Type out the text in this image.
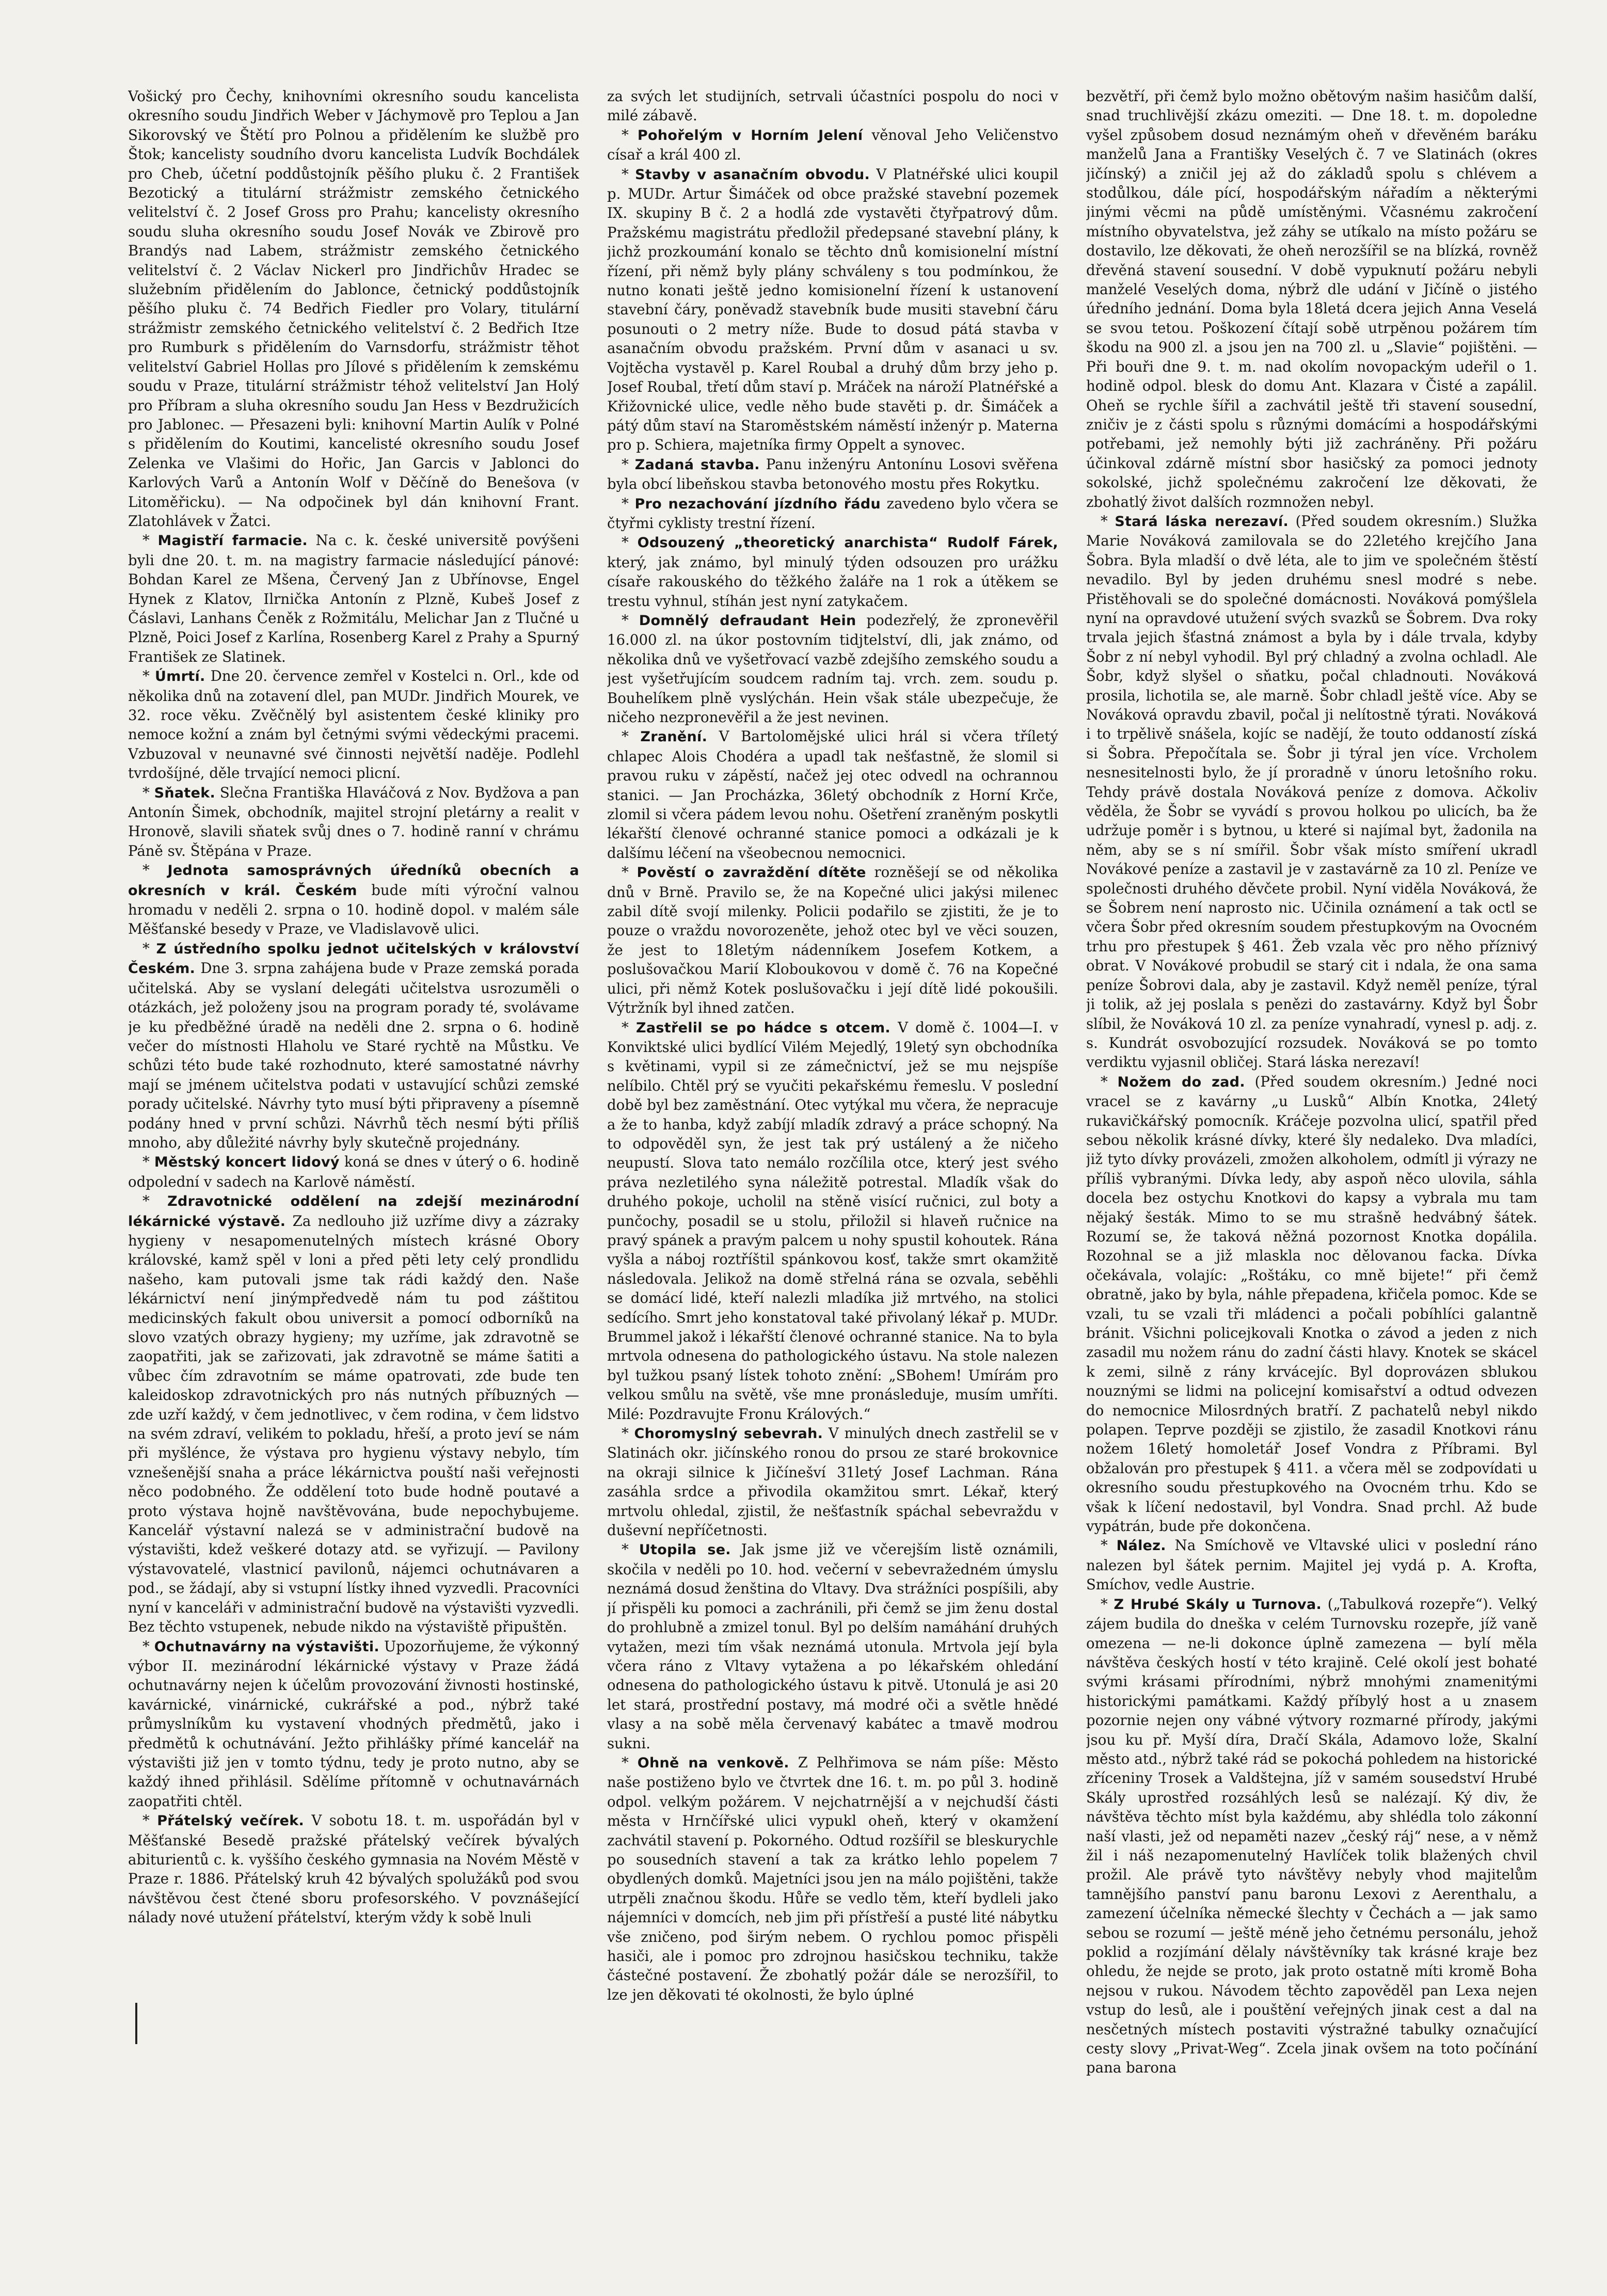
Vošický pro Čechy, knihovními okresního soudu kancelista okresního soudu Jindřich Weber v Jáchymově pro Teplou a Jan Sikorovský ve Štětí pro Polnou a přidělením ke službě pro Štok; kancelisty soudního dvoru kancelista Ludvík Bochdálek pro Cheb, účetní poddůstojník pěšího pluku č. 2 František Bezotický a titulární strážmistr zemského četnického velitelství č. 2 Josef Gross pro Prahu; kancelisty okresního soudu sluha okresního soudu Josef Novák ve Zbirově pro Brandýs nad Labem, strážmistr zemského četnického velitelství č. 2 Václav Nickerl pro Jindřichův Hradec se služebním přidělením do Jablonce, četnický poddůstojník pěšího pluku č. 74 Bedřich Fiedler pro Volary, titulární strážmistr zemského četnického velitelství č. 2 Bedřich Itze pro Rumburk s přidělením do Varnsdorfu, strážmistr těhot velitelství Gabriel Hollas pro Jílové s přidělením k zemskému soudu v Praze, titulární strážmistr téhož velitelství Jan Holý pro Příbram a sluha okresního soudu Jan Hess v Bezdružicích pro Jablonec. — Přesazeni byli: knihovní Martin Aulík v Polné s přidělením do Koutimi, kancelisté okresního soudu Josef Zelenka ve Vlašimi do Hořic, Jan Garcis v Jablonci do Karlových Varů a Antonín Wolf v Děčíně do Benešova (v Litoměřicku). — Na odpočinek byl dán knihovní Frant. Zlatohlávek v Žatci.

* Magistří farmacie. Na c. k. české universitě povýšeni byli dne 20. t. m. na magistry farmacie následující pánové: Bohdan Karel ze Mšena, Červený Jan z Ubřínovse, Engel Hynek z Klatov, Ilrnička Antonín z Plzně, Kubeš Josef z Čáslavi, Lanhans Čeněk z Rožmitálu, Melichar Jan z Tlučné u Plzně, Poici Josef z Karlína, Rosenberg Karel z Prahy a Spurný František ze Slatinek.

* Úmrtí. Dne 20. července zemřel v Kostelci n. Orl., kde od několika dnů na zotavení dlel, pan MUDr. Jindřich Mourek, ve 32. roce věku. Zvěčnělý byl asistentem české kliniky pro nemoce kožní a znám byl četnými svými vědeckými pracemi. Vzbuzoval v neunavné své činnosti největší naděje. Podlehl tvrdošíjné, děle trvající nemoci plicní.

* Sňatek. Slečna Františka Hlaváčová z Nov. Bydžova a pan Antonín Šimek, obchodník, majitel strojní pletárny a realit v Hronově, slavili sňatek svůj dnes o 7. hodině ranní v chrámu Páně sv. Štěpána v Praze.

* Jednota samosprávných úředníků obecních a okresních v král. Českém bude míti výroční valnou hromadu v neděli 2. srpna o 10. hodině dopol. v malém sále Měšťanské besedy v Praze, ve Vladislavově ulici.

* Z ústředního spolku jednot učitelských v království Českém. Dne 3. srpna zahájena bude v Praze zemská porada učitelská. Aby se vyslaní delegáti učitelstva usrozuměli o otázkách, jež položeny jsou na program porady té, svolávame je ku předběžné úradě na neděli dne 2. srpna o 6. hodině večer do místnosti Hlaholu ve Staré rychtě na Můstku. Ve schůzi této bude také rozhodnuto, které samostatné návrhy mají se jménem učitelstva podati v ustavující schůzi zemské porady učitelské. Návrhy tyto musí býti připraveny a písemně podány hned v první schůzi. Návrhů těch nesmí býti příliš mnoho, aby důležité návrhy byly skutečně projednány.

* Městský koncert lidový koná se dnes v úterý o 6. hodině odpolední v sadech na Karlově náměstí.

* Zdravotnické oddělení na zdejší mezinárodní lékárnické výstavě. Za nedlouho již uzříme divy a zázraky hygieny v nesapomenutelných místech krásné Obory královské, kamž spěl v loni a před pěti lety celý prondlidu našeho, kam putovali jsme tak rádi každý den. Naše lékárnictví není jinýmpředvedě nám tu pod záštitou medicinských fakult obou universit a pomocí odborníků na slovo vzatých obrazy hygieny; my uzříme, jak zdravotně se zaopatřiti, jak se zařizovati, jak zdravotně se máme šatiti a vůbec čím zdravotním se máme opatrovati, zde bude ten kaleidoskop zdravotnických pro nás nutných příbuzných — zde uzří každý, v čem jednotlivec, v čem rodina, v čem lidstvo na svém zdraví, velikém to pokladu, hřeší, a proto jeví se nám při myšlénce, že výstava pro hygienu výstavy nebylo, tím vznešenější snaha a práce lékárnictva pouští naši veřejnosti něco podobného. Že oddělení toto bude hodně poutavé a proto výstava hojně navštěvována, bude nepochybujeme. Kancelář výstavní nalezá se v administrační budově na výstavišti, kdež veškeré dotazy atd. se vyřizují. — Pavilony výstavovatelé, vlastnicí pavilonů, nájemci ochutnávaren a pod., se žádají, aby si vstupní lístky ihned vyzvedli. Pracovníci nyní v kanceláři v administrační budově na výstavišti vyzvedli. Bez těchto vstupenek, nebude nikdo na výstaviště připuštěn.

* Ochutnavárny na výstavišti. Upozorňujeme, že výkonný výbor II. mezinárodní lékárnické výstavy v Praze žádá ochutnavárny nejen k účelům provozování živnosti hostinské, kavárnické, vinárnické, cukrářské a pod., nýbrž také průmyslníkům ku vystavení vhodných předmětů, jako i předmětů k ochutnávání. Ježto přihlášky přímé kancelář na výstavišti již jen v tomto týdnu, tedy je proto nutno, aby se každý ihned přihlásil. Sdělíme přítomně v ochutnavárnách zaopatřiti chtěl.

* Přátelský večírek. V sobotu 18. t. m. uspořádán byl v Měšťanské Besedě pražské přátelský večírek bývalých abiturientů c. k. vyššího českého gymnasia na Novém Městě v Praze r. 1886. Přátelský kruh 42 bývalých spolužáků pod svou návštěvou čest čtené sboru profesorského. V povznášející nálady nové utužení přátelství, kterým vždy k sobě lnuli

za svých let studijních, setrvali účastníci pospolu do noci v milé zábavě.

* Pohořelým v Horním Jelení věnoval Jeho Veličenstvo císař a král 400 zl.

* Stavby v asanačním obvodu. V Platnéřské ulici koupil p. MUDr. Artur Šimáček od obce pražské stavební pozemek IX. skupiny B č. 2 a hodlá zde vystavěti čtyřpatrový dům. Pražskému magistrátu předložil předepsané stavební plány, k jichž prozkoumání konalo se těchto dnů komisionelní místní řízení, při němž byly plány schváleny s tou podmínkou, že nutno konati ještě jedno komisionelní řízení k ustanovení stavební čáry, poněvadž stavebník bude musiti stavební čáru posunouti o 2 metry níže. Bude to dosud pátá stavba v asanačním obvodu pražském. První dům v asanaci u sv. Vojtěcha vystavěl p. Karel Roubal a druhý dům brzy jeho p. Josef Roubal, třetí dům staví p. Mráček na nároží Platnéřské a Křižovnické ulice, vedle něho bude stavěti p. dr. Šimáček a pátý dům staví na Staroměstském náměstí inženýr p. Materna pro p. Schiera, majetníka firmy Oppelt a synovec.

* Zadaná stavba. Panu inženýru Antonínu Losovi svěřena byla obcí libeňskou stavba betonového mostu přes Rokytku.

* Pro nezachování jízdního řádu zavedeno bylo včera se čtyřmi cyklisty trestní řízení.

* Odsouzený „theoretický anarchista“ Rudolf Fárek, který, jak známo, byl minulý týden odsouzen pro urážku císaře rakouského do těžkého žaláře na 1 rok a útěkem se trestu vyhnul, stíhán jest nyní zatykačem.

* Domnělý defraudant Hein podezřelý, že zpronevěřil 16.000 zl. na úkor postovním tidjtelství, dli, jak známo, od několika dnů ve vyšetřovací vazbě zdejšího zemského soudu a jest vyšetřujícím soudcem radním taj. vrch. zem. soudu p. Bouhelíkem plně vyslýchán. Hein však stále ubezpečuje, že ničeho nezpronevěřil a že jest nevinen.

* Zranění. V Bartolomějské ulici hrál si včera tříletý chlapec Alois Chodéra a upadl tak nešťastně, že slomil si pravou ruku v zápěstí, načež jej otec odvedl na ochrannou stanici. — Jan Procházka, 36letý obchodník z Horní Krče, zlomil si včera pádem levou nohu. Ošetření zraněným poskytli lékařští členové ochranné stanice pomoci a odkázali je k dalšímu léčení na všeobecnou nemocnici.

* Pověstí o zavraždění dítěte rozněšejí se od několika dnů v Brně. Pravilo se, že na Kopečné ulici jakýsi milenec zabil dítě svojí milenky. Policii podařilo se zjistiti, že je to pouze o vraždu novorozeněte, jehož otec byl ve věci souzen, že jest to 18letým nádenníkem Josefem Kotkem, a poslušovačkou Marií Kloboukovou v domě č. 76 na Kopečné ulici, při němž Kotek poslušovačku i její dítě lidé pokoušili. Výtržník byl ihned zatčen.

* Zastřelil se po hádce s otcem. V domě č. 1004—I. v Konviktské ulici bydlící Vilém Mejedlý, 19letý syn obchodníka s květinami, vypil si ze zámečnictví, jež se mu nejspíše nelíbilo. Chtěl prý se vyučiti pekařskému řemeslu. V poslední době byl bez zaměstnání. Otec vytýkal mu včera, že nepracuje a že to hanba, když zabíjí mladík zdravý a práce schopný. Na to odpověděl syn, že jest tak prý ustálený a že ničeho neupustí. Slova tato nemálo rozčílila otce, který jest svého práva nezletilého syna náležitě potrestal. Mladík však do druhého pokoje, ucholil na stěně visící ručnici, zul boty a punčochy, posadil se u stolu, přiložil si hlaveň ručnice na pravý spánek a pravým palcem u nohy spustil kohoutek. Rána vyšla a náboj roztříštil spánkovou kosť, takže smrt okamžitě následovala. Jelikož na domě střelná rána se ozvala, seběhli se domácí lidé, kteří nalezli mladíka již mrtvého, na stolici sedícího. Smrt jeho konstatoval také přivolaný lékař p. MUDr. Brummel jakož i lékařští členové ochranné stanice. Na to byla mrtvola odnesena do pathologického ústavu. Na stole nalezen byl tužkou psaný lístek tohoto znění: „SBohem! Umírám pro velkou smůlu na světě, vše mne pronásleduje, musím umříti. Milé: Pozdravujte Fronu Králových.“

* Choromyslný sebevrah. V minulých dnech zastřelil se v Slatinách okr. jičínského ronou do prsou ze staré brokovnice na okraji silnice k Jičínešví 31letý Josef Lachman. Rána zasáhla srdce a přivodila okamžitou smrt. Lékař, který mrtvolu ohledal, zjistil, že nešťastník spáchal sebevraždu v duševní nepříčetnosti.

* Utopila se. Jak jsme již ve včerejším listě oznámili, skočila v neděli po 10. hod. večerní v sebevražedném úmyslu neznámá dosud ženština do Vltavy. Dva strážníci pospíšili, aby jí přispěli ku pomoci a zachránili, při čemž se jim ženu dostal do prohlubně a zmizel tonul. Byl po delším namáhání druhých vytažen, mezi tím však neznámá utonula. Mrtvola její byla včera ráno z Vltavy vytažena a po lékařském ohledání odnesena do pathologického ústavu k pitvě. Utonulá je asi 20 let stará, prostřední postavy, má modré oči a světle hnědé vlasy a na sobě měla červenavý kabátec a tmavě modrou sukni.

* Ohně na venkově. Z Pelhřimova se nám píše: Město naše postiženo bylo ve čtvrtek dne 16. t. m. po půl 3. hodině odpol. velkým požárem. V nejchatrnější a v nejchudší části města v Hrnčířské ulici vypukl oheň, který v okamžení zachvátil stavení p. Pokorného. Odtud rozšířil se bleskurychle po sousedních stavení a tak za krátko lehlo popelem 7 obydlených domků. Majetníci jsou jen na málo pojištěni, takže utrpěli značnou škodu. Hůře se vedlo těm, kteří bydleli jako nájemníci v domcích, neb jim při přístřeší a pusté lité nábytku vše zničeno, pod širým nebem. O rychlou pomoc přispěli hasiči, ale i pomoc pro zdrojnou hasičskou techniku, takže částečné postavení. Že zbohatlý požár dále se nerozšířil, to lze jen děkovati té okolnosti, že bylo úplné

bezvětří, při čemž bylo možno obětovým našim hasičům další, snad truchlivější zkázu omeziti. — Dne 18. t. m. dopoledne vyšel způsobem dosud neznámým oheň v dřevěném baráku manželů Jana a Františky Veselých č. 7 ve Slatinách (okres jičínský) a zničil jej až do základů spolu s chlévem a stodůlkou, dále pící, hospodářským nářadím a některými jinými věcmi na půdě umístěnými. Včasnému zakročení místního obyvatelstva, jež záhy se utíkalo na místo požáru se dostavilo, lze děkovati, že oheň nerozšířil se na blízká, rovněž dřevěná stavení sousední. V době vypuknutí požáru nebyli manželé Veselých doma, nýbrž dle udání v Jičíně o jistého úředního jednání. Doma byla 18letá dcera jejich Anna Veselá se svou tetou. Poškození čítají sobě utrpěnou požárem tím škodu na 900 zl. a jsou jen na 700 zl. u „Slavie“ pojištěni. — Při bouři dne 9. t. m. nad okolím novopackým udeřil o 1. hodině odpol. blesk do domu Ant. Klazara v Čisté a zapálil. Oheň se rychle šířil a zachvátil ještě tři stavení sousední, zničiv je z části spolu s různými domácími a hospodářskými potřebami, jež nemohly býti již zachráněny. Při požáru účinkoval zdárně místní sbor hasičský za pomoci jednoty sokolské, jichž společnému zakročení lze děkovati, že zbohatlý život dalších rozmnožen nebyl.

* Stará láska nerezaví. (Před soudem okresním.) Služka Marie Nováková zamilovala se do 22letého krejčího Jana Šobra. Byla mladší o dvě léta, ale to jim ve společném štěstí nevadilo. Byl by jeden druhému snesl modré s nebe. Přistěhovali se do společné domácnosti. Nováková pomýšlela nyní na opravdové utužení svých svazků se Šobrem. Dva roky trvala jejich šťastná známost a byla by i dále trvala, kdyby Šobr z ní nebyl vyhodil. Byl prý chladný a zvolna ochladl. Ale Šobr, když slyšel o sňatku, počal chladnouti. Nováková prosila, lichotila se, ale marně. Šobr chladl ještě více. Aby se Nováková opravdu zbavil, počal ji nelítostně týrati. Nováková i to trpělivě snášela, kojíc se nadějí, že touto oddaností získá si Šobra. Přepočítala se. Šobr ji týral jen více. Vrcholem nesnesitelnosti bylo, že jí proradně v únoru letošního roku. Tehdy právě dostala Nováková peníze z domova. Ačkoliv věděla, že Šobr se vyvádí s provou holkou po ulicích, ba že udržuje poměr i s bytnou, u které si najímal byt, žadonila na něm, aby se s ní smířil. Šobr však místo smíření ukradl Novákové peníze a zastavil je v zastavárně za 10 zl. Peníze ve společnosti druhého děvčete probil. Nyní viděla Nováková, že se Šobrem není naprosto nic. Učinila oznámení a tak octl se včera Šobr před okresním soudem přestupkovým na Ovocném trhu pro přestupek § 461. Žeb vzala věc pro něho příznivý obrat. V Novákové probudil se starý cit i ndala, že ona sama peníze Šobrovi dala, aby je zastavil. Když neměl peníze, týral ji tolik, až jej poslala s penězi do zastavárny. Když byl Šobr slíbil, že Nováková 10 zl. za peníze vynahradí, vynesl p. adj. z. s. Kundrát osvobozující rozsudek. Nováková se po tomto verdiktu vyjasnil obličej. Stará láska nerezaví!

* Nožem do zad. (Před soudem okresním.) Jedné noci vracel se z kavárny „u Lusků“ Albín Knotka, 24letý rukavičkářský pomocník. Kráčeje pozvolna ulicí, spatřil před sebou několik krásné dívky, které šly nedaleko. Dva mladíci, již tyto dívky provázeli, zmožen alkoholem, odmítl ji výrazy ne příliš vybranými. Dívka ledy, aby aspoň něco ulovila, sáhla docela bez ostychu Knotkovi do kapsy a vybrala mu tam nějaký šesták. Mimo to se mu strašně hedvábný šátek. Rozumí se, že taková něžná pozornost Knotka dopálila. Rozohnal se a již mlaskla noc dělovanou facka. Dívka očekávala, volajíc: „Roštáku, co mně bijete!“ při čemž obratně, jako by byla, náhle přepadena, křičela pomoc. Kde se vzali, tu se vzali tři mládenci a počali pobíhlíci galantně bránit. Všichni policejkovali Knotka o závod a jeden z nich zasadil mu nožem ránu do zadní části hlavy. Knotek se skácel k zemi, silně z rány krvácejíc. Byl doprovázen sblukou nouznými se lidmi na policejní komisařství a odtud odvezen do nemocnice Milosrdných bratří. Z pachatelů nebyl nikdo polapen. Teprve později se zjistilo, že zasadil Knotkovi ránu nožem 16letý homoletář Josef Vondra z Příbrami. Byl obžalován pro přestupek § 411. a včera měl se zodpovídati u okresního soudu přestupkového na Ovocném trhu. Kdo se však k líčení nedostavil, byl Vondra. Snad prchl. Až bude vypátrán, bude pře dokončena.

* Nález. Na Smíchově ve Vltavské ulici v poslední ráno nalezen byl šátek pernim. Majitel jej vydá p. A. Krofta, Smíchov, vedle Austrie.

* Z Hrubé Skály u Turnova. („Tabulková rozepře“). Velký zájem budila do dneška v celém Turnovsku rozepře, jíž vaně omezena — ne-li dokonce úplně zamezena — bylí měla návštěva českých hostí v této krajině. Celé okolí jest bohaté svými krásami přírodními, nýbrž mnohými znamenitými historickými památkami. Každý příbylý host a u znasem pozornie nejen ony vábné výtvory rozmarné přírody, jakými jsou ku př. Myší díra, Dračí Skála, Adamovo lože, Skalní město atd., nýbrž také rád se pokochá pohledem na historické zříceniny Trosek a Valdštejna, jíž v samém sousedství Hrubé Skály uprostřed rozsáhlých lesů se nalézají. Ký div, že návštěva těchto míst byla každému, aby shlédla tolo zákonní naší vlasti, jež od nepaměti nazev „český ráj“ nese, a v němž žil i náš nezapomenutelný Havlíček tolik blažených chvil prožil. Ale právě tyto návštěvy nebyly vhod majitelům tamnějšího panství panu baronu Lexovi z Aerenthalu, a zamezení účelníka německé šlechty v Čechách a — jak samo sebou se rozumí — ještě méně jeho četnému personálu, jehož poklid a rozjímání dělaly návštěvníky tak krásné kraje bez ohledu, že nejde se proto, jak proto ostatně míti kromě Boha nejsou v rukou. Návodem těchto zapověděl pan Lexa nejen vstup do lesů, ale i pouštění veřejných jinak cest a dal na nesčetných místech postaviti výstražné tabulky označující cesty slovy „Privat-Weg“. Zcela jinak ovšem na toto počínání pana barona
